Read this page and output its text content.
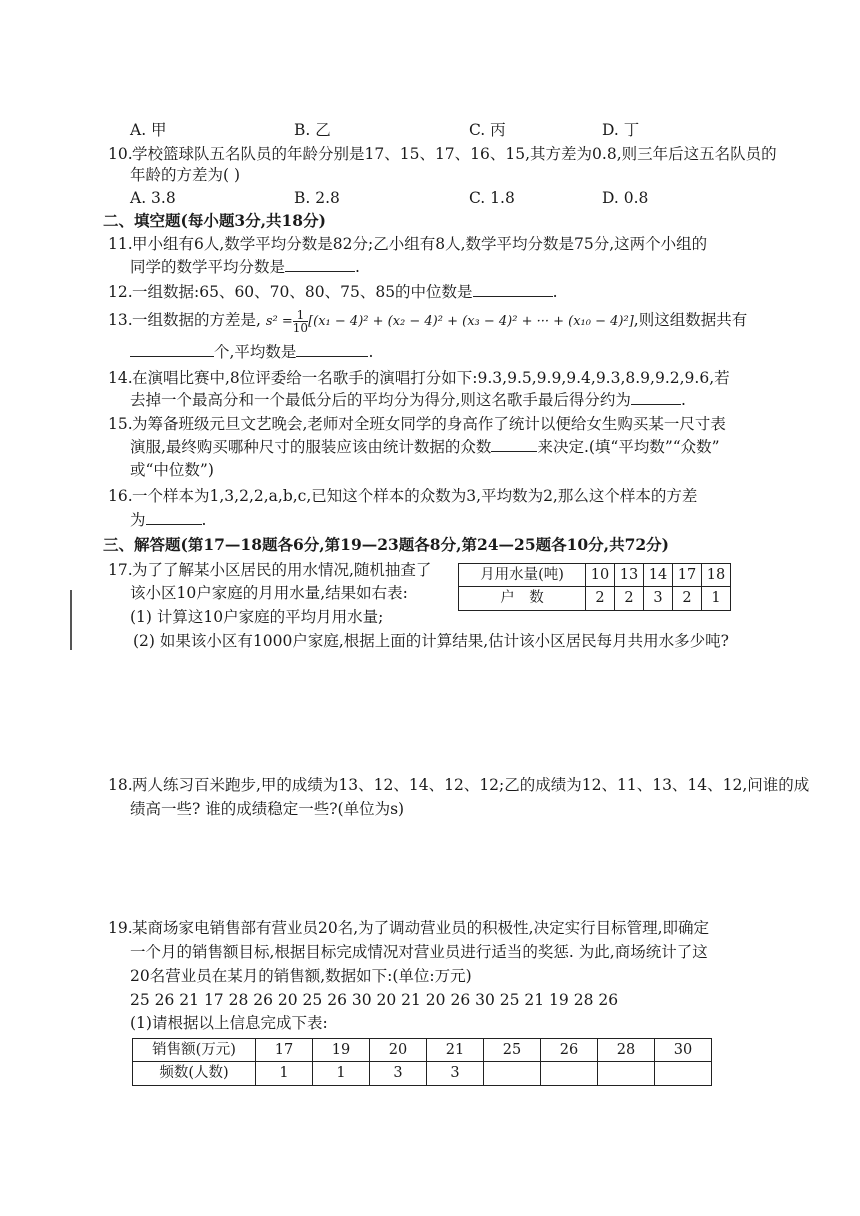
A. 甲	B. 乙	C. 丙	D. 丁
10.学校篮球队五名队员的年龄分别是17、15、17、16、15,其方差为0.8,则三年后这五名队员的
年龄的方差为( )
A. 3.8	B. 2.8	C. 1.8	D. 0.8
二、填空题(每小题3分,共18分)
11.甲小组有6人,数学平均分数是82分;乙小组有8人,数学平均分数是75分,这两个小组的
同学的数学平均分数是	.
12.一组数据:65、60、70、80、75、85的中位数是	.
13.一组数据的方差是, $s^2 = \frac{1}{10} [(x_1 - 4)^2 + (x_2 - 4)^2 + (x_3 - 4)^2$ + ··· + (x₁₀ − 4)²],则这组数据共有
个,平均数是	.
14.在演唱比赛中,8位评委给一名歌手的演唱打分如下:9.3,9.5,9.9,9.4,9.3,8.9,9.2,9.6,若
去掉一个最高分和一个最低分后的平均分为得分,则这名歌手最后得分约为	.
15.为筹备班级元旦文艺晚会,老师对全班女同学的身高作了统计以便给女生购买某一尺寸表
演服,最终购买哪种尺寸的服装应该由统计数据的众数	来决定.(填“平均数”“众数”
或“中位数”)
16.一个样本为1,3,2,2,a,b,c,已知这个样本的众数为3,平均数为2,那么这个样本的方差
为	.
三、解答题(第17—18题各6分,第19—23题各8分,第24—25题各10分,共72分)
17.为了了解某小区居民的用水情况,随机抽查了
该小区10户家庭的月用水量,结果如右表:
(1) 计算这10户家庭的平均月用水量;
(2) 如果该小区有1000户家庭,根据上面的计算结果,估计该小区居民每月共用水多少吨?
月用水量(吨)	10	13	14	17	18
户　数	2	2	3	2	1
18.两人练习百米跑步,甲的成绩为13、12、14、12、12;乙的成绩为12、11、13、14、12,问谁的成
绩高一些? 谁的成绩稳定一些?(单位为s)
19.某商场家电销售部有营业员20名,为了调动营业员的积极性,决定实行目标管理,即确定
一个月的销售额目标,根据目标完成情况对营业员进行适当的奖惩. 为此,商场统计了这
20名营业员在某月的销售额,数据如下:(单位:万元)
25 26 21 17 28 26 20 25 26 30 20 21 20 26 30 25 21 19 28 26
(1)请根据以上信息完成下表:
销售额(万元)	17	19	20	21	25	26	28	30
频数(人数)	1	1	3	3				
